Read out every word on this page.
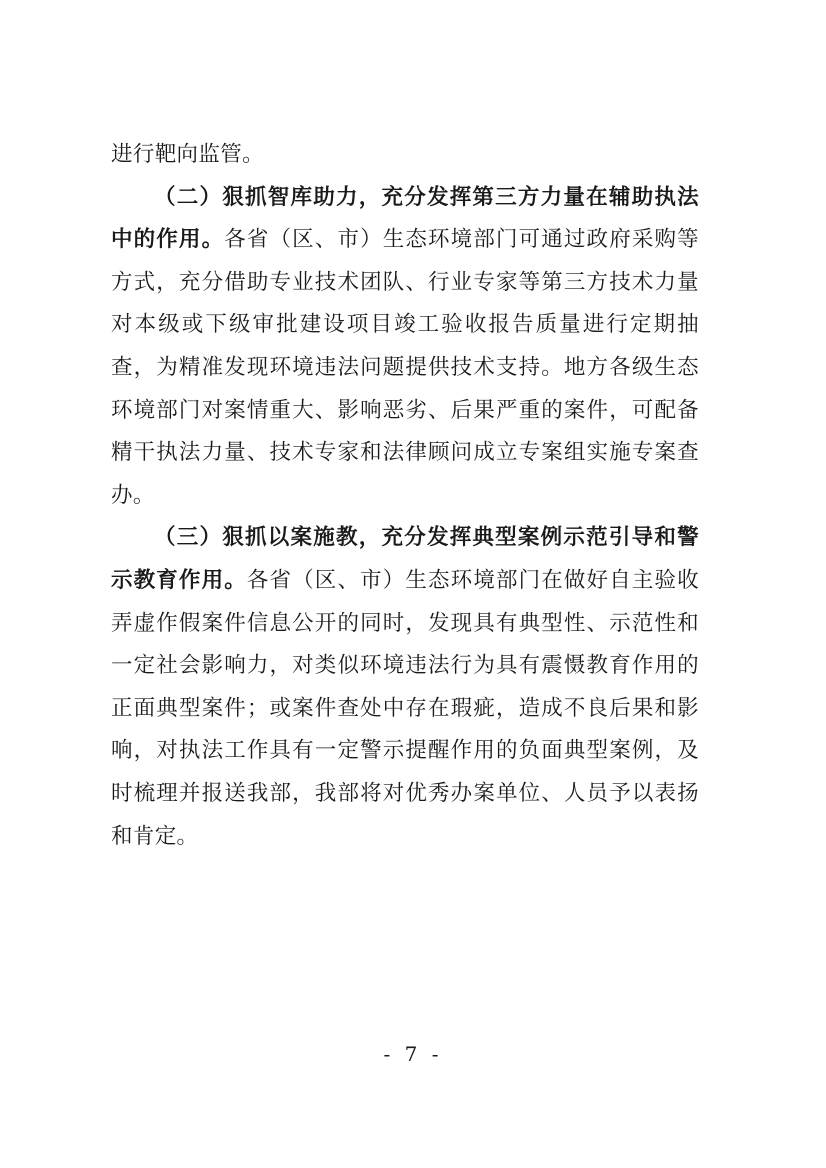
进行靶向监管。

（二）狠抓智库助力，充分发挥第三方力量在辅助执法中的作用。各省（区、市）生态环境部门可通过政府采购等方式，充分借助专业技术团队、行业专家等第三方技术力量对本级或下级审批建设项目竣工验收报告质量进行定期抽查，为精准发现环境违法问题提供技术支持。地方各级生态环境部门对案情重大、影响恶劣、后果严重的案件，可配备精干执法力量、技术专家和法律顾问成立专案组实施专案查办。

（三）狠抓以案施教，充分发挥典型案例示范引导和警示教育作用。各省（区、市）生态环境部门在做好自主验收弄虚作假案件信息公开的同时，发现具有典型性、示范性和一定社会影响力，对类似环境违法行为具有震慑教育作用的正面典型案件；或案件查处中存在瑕疵，造成不良后果和影响，对执法工作具有一定警示提醒作用的负面典型案例，及时梳理并报送我部，我部将对优秀办案单位、人员予以表扬和肯定。

- 7 -
